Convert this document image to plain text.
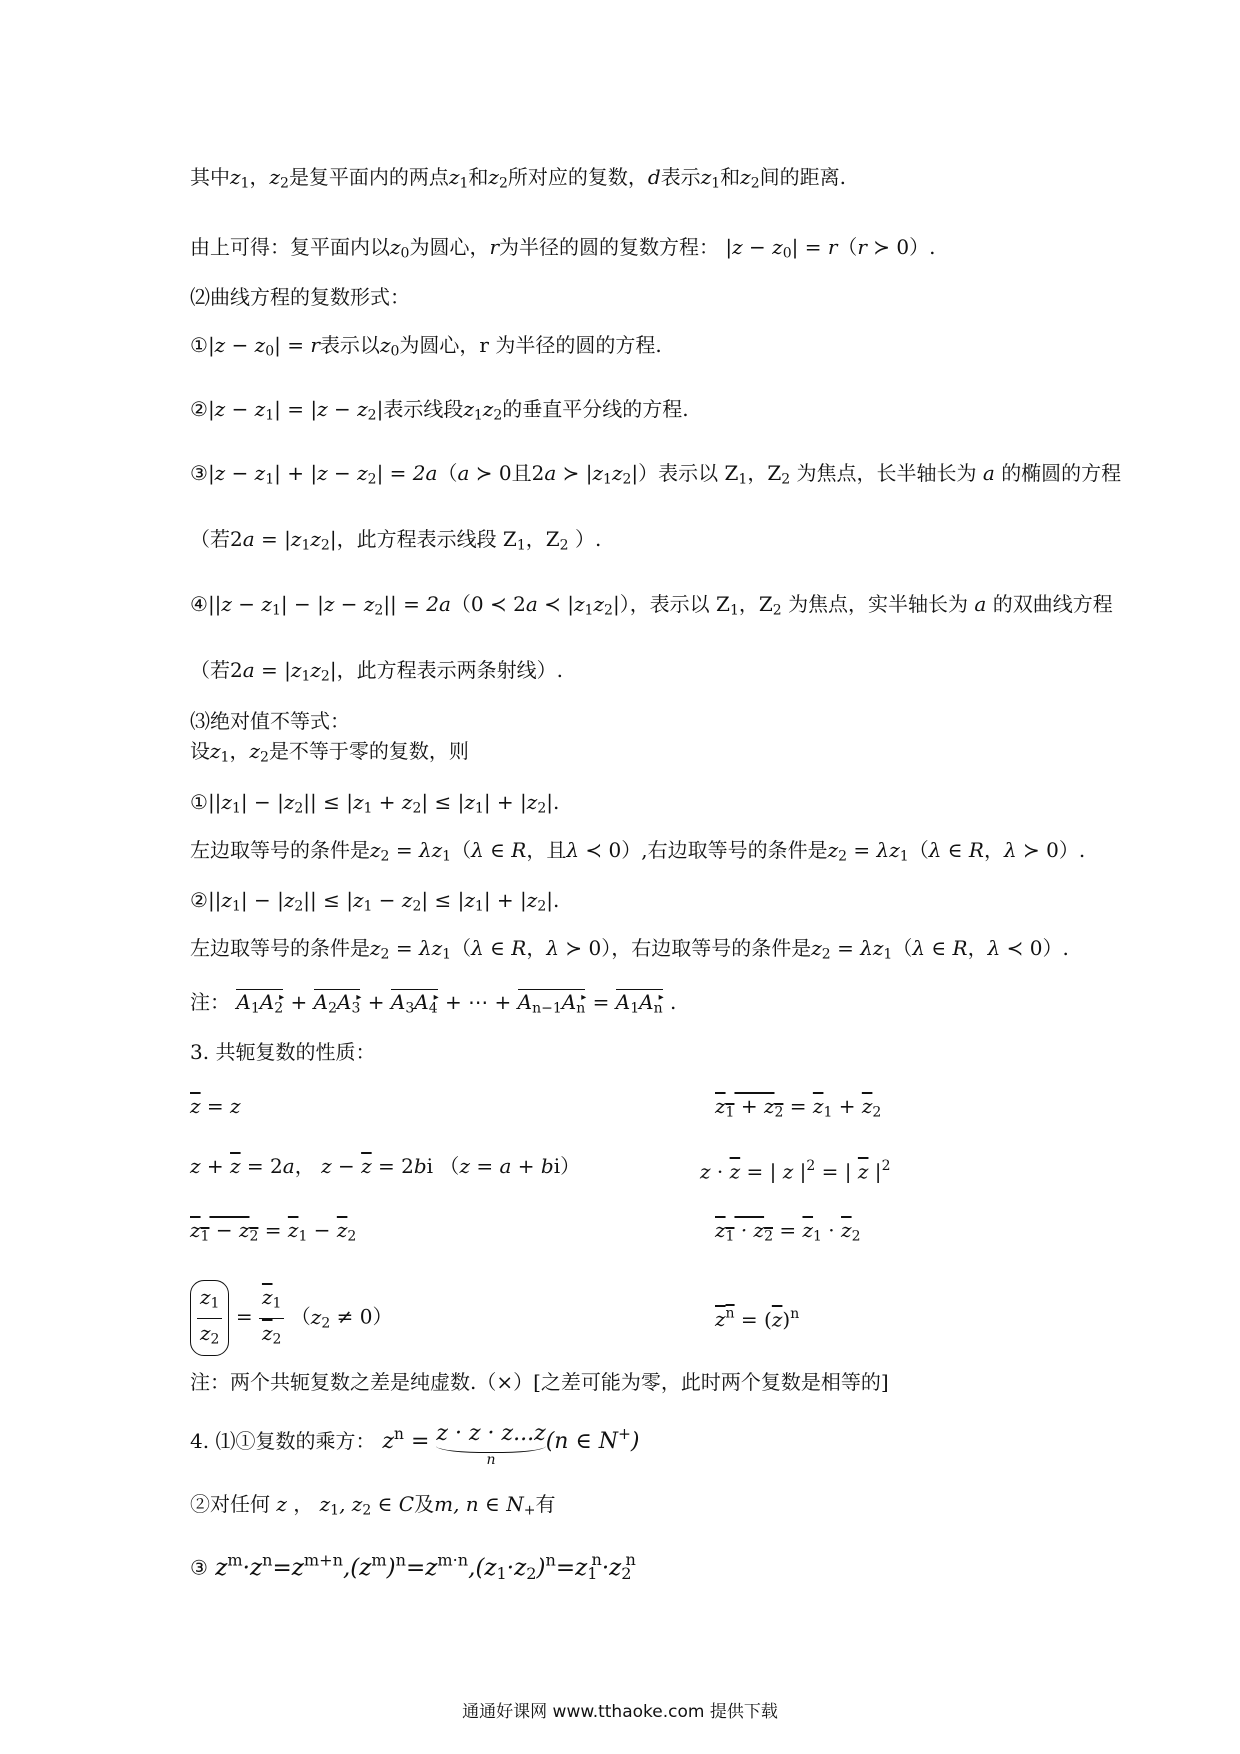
其中z1，z2是复平面内的两点z1和z2所对应的复数，d表示z1和z2间的距离.
由上可得：复平面内以z0为圆心，r为半径的圆的复数方程： |z − z0| = r（r ≻ 0）.
⑵曲线方程的复数形式：
①|z − z0| = r表示以z0为圆心，r 为半径的圆的方程.
②|z − z1| = |z − z2|表示线段z1z2的垂直平分线的方程.
③|z − z1| + |z − z2| = 2a（a ≻ 0且2a ≻ |z1z2|）表示以 Z1，Z2 为焦点，长半轴长为 a 的椭圆的方程
（若2a = |z1z2|，此方程表示线段 Z1，Z2 ）.
④||z − z1| − |z − z2|| = 2a（0 ≺ 2a ≺ |z1z2|），表示以 Z1，Z2 为焦点，实半轴长为 a 的双曲线方程
（若2a = |z1z2|，此方程表示两条射线）.
⑶绝对值不等式：
设z1，z2是不等于零的复数，则
①||z1| − |z2|| ≤ |z1 + z2| ≤ |z1| + |z2|.
左边取等号的条件是z2 = λz1（λ ∈ R，且λ ≺ 0）,右边取等号的条件是z2 = λz1（λ ∈ R，λ ≻ 0）.
②||z1| − |z2|| ≤ |z1 − z2| ≤ |z1| + |z2|.
左边取等号的条件是z2 = λz1（λ ∈ R，λ ≻ 0），右边取等号的条件是z2 = λz1（λ ∈ R，λ ≺ 0）.
注： A1A2▸ + A2A3▸ + A3A4▸ + ⋯ + An−1An▸ = A1An▸ .
3. 共轭复数的性质：
z = z	$z1 + z2 = \overline{z}1 + \overline{z}2$
$z + \overline{z} = 2a$， $z - \overline{z} = 2bi$ （z = a + bi）	$z \cdot \overline{z}$ = | z $|^2$ = | $\overline{z}$ $|^2$
$z1 - z2 = \overline{z}1 - \overline{z}2$	$z1 \cdot z2 = \overline{z}1 \cdot \overline{z}2$
$\frac{z1}{z2} = \frac{\overline{z}1}{\overline{z}2} (z2 \ne 0)$	$z^n = (\overline{z})^n$
注：两个共轭复数之差是纯虚数.（×）[之差可能为零，此时两个复数是相等的]
4. ⑴①复数的乘方： $z^n = z \cdot z \cdot z...z$
n
(n ∈ N+)
②对任何 z ， z1, z2 ∈ C及m, n ∈ N+有
③ $z^m\cdot z^n=z^{m+n},(z^m)^n=z^{m\cdot n},(z1\cdot z2)^n=z1^n\cdot z2^n$
通通好课网 www.tthaoke.com 提供下载
